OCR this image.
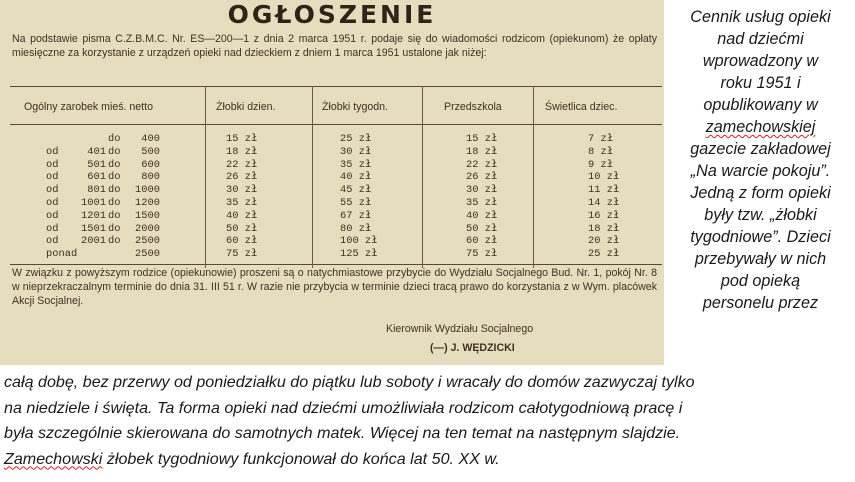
OGŁOSZENIE
Na podstawie pisma C.Z.B.M.C. Nr. ES—200—1 z dnia 2 marca 1951 r. podaje się do wiadomości rodzicom (opiekunom) że opłaty miesięczne za korzystanie z urządzeń opieki nad dzieckiem z dniem 1 marca 1951 ustalone jak niżej:
Ogólny zarobek mieś. netto	Żłobki dzien.	Żłobki tygodn.	Przedszkola	Świetlica dziec.
do	400	15 zł	25 zł	15 zł	7 zł
od	401 do	500	18 zł	30 zł	18 zł	8 zł
od	501 do	600	22 zł	35 zł	22 zł	9 zł
od	601 do	800	26 zł	40 zł	26 zł	10 zł
od	801 do	1000	30 zł	45 zł	30 zł	11 zł
od	1001 do	1200	35 zł	55 zł	35 zł	14 zł
od	1201 do	1500	40 zł	67 zł	40 zł	16 zł
od	1501 do	2000	50 zł	80 zł	50 zł	18 zł
od	2001 do	2500	60 zł	100 zł	60 zł	20 zł
ponad	2500	75 zł	125 zł	75 zł	25 zł
W związku z powyższym rodzice (opiekunowie) proszeni są o natychmiastowe przybycie do Wydziału Socjalnego Bud. Nr. 1, pokój Nr. 8 w nieprzekraczalnym terminie do dnia 31. III 51 r. W razie nie przybycia w terminie dzieci tracą prawo do korzystania z w Wym. placówek Akcji Socjalnej.
Kierownik Wydziału Socjalnego
(—) J. WĘDZICKI

Cennik usług opieki

nad dziećmi

wprowadzony w

roku 1951 i

opublikowany w

zamechowskiej

gazecie zakładowej

„Na warcie pokoju”.

Jedną z form opieki

były tzw. „żłobki

tygodniowe”. Dzieci

przebywały w nich

pod opieką

personelu przez

całą dobę, bez przerwy od poniedziałku do piątku lub soboty i wracały do domów zazwyczaj tylko
na niedziele i święta. Ta forma opieki nad dziećmi umożliwiała rodzicom całotygodniową pracę i
była szczególnie skierowana do samotnych matek. Więcej na ten temat na następnym slajdzie.
Zamechowski żłobek tygodniowy funkcjonował do końca lat 50. XX w.
